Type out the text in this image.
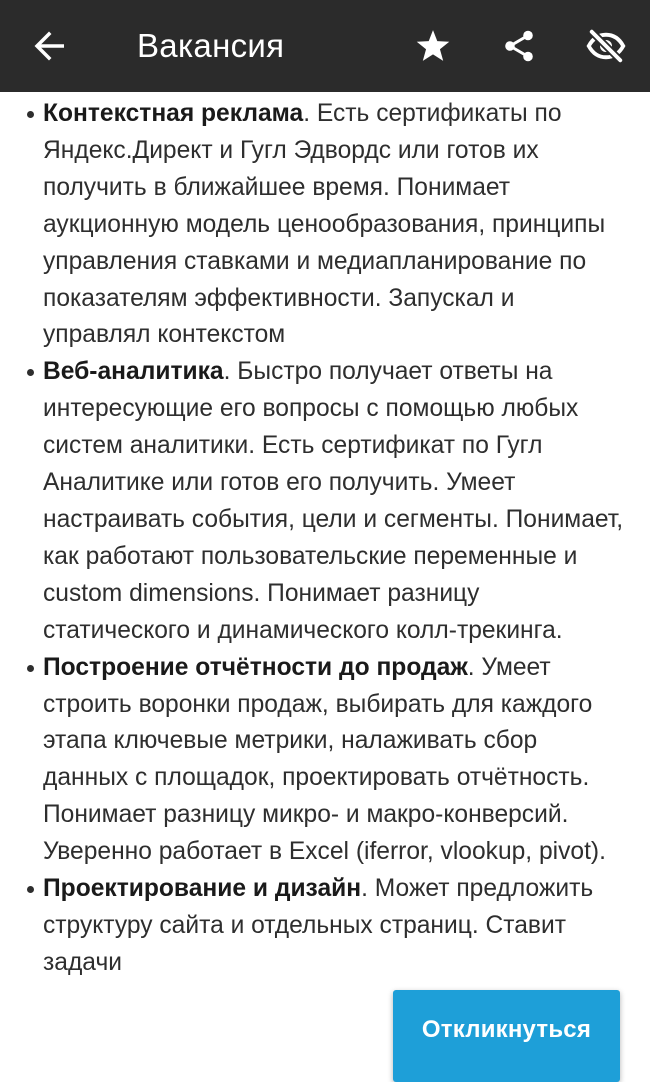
Вакансия
Контекстная реклама. Есть сертификаты по Яндекс.Директ и Гугл Эдвордс или готов их получить в ближайшее время. Понимает аукционную модель ценообразования, принципы управления ставками и медиапланирование по показателям эффективности. Запускал и управлял контекстом
Веб-аналитика. Быстро получает ответы на интересующие его вопросы с помощью любых систем аналитики. Есть сертификат по Гугл Аналитике или готов его получить. Умеет настраивать события, цели и сегменты. Понимает, как работают пользовательские переменные и custom dimensions. Понимает разницу статического и динамического колл-трекинга.
Построение отчётности до продаж. Умеет строить воронки продаж, выбирать для каждого этапа ключевые метрики, налаживать сбор данных с площадок, проектировать отчётность. Понимает разницу микро- и макро-конверсий. Уверенно работает в Excel (iferror, vlookup, pivot).
Проектирование и дизайн. Может предложить структуру сайта и отдельных страниц. Ставит задачи
Откликнуться
